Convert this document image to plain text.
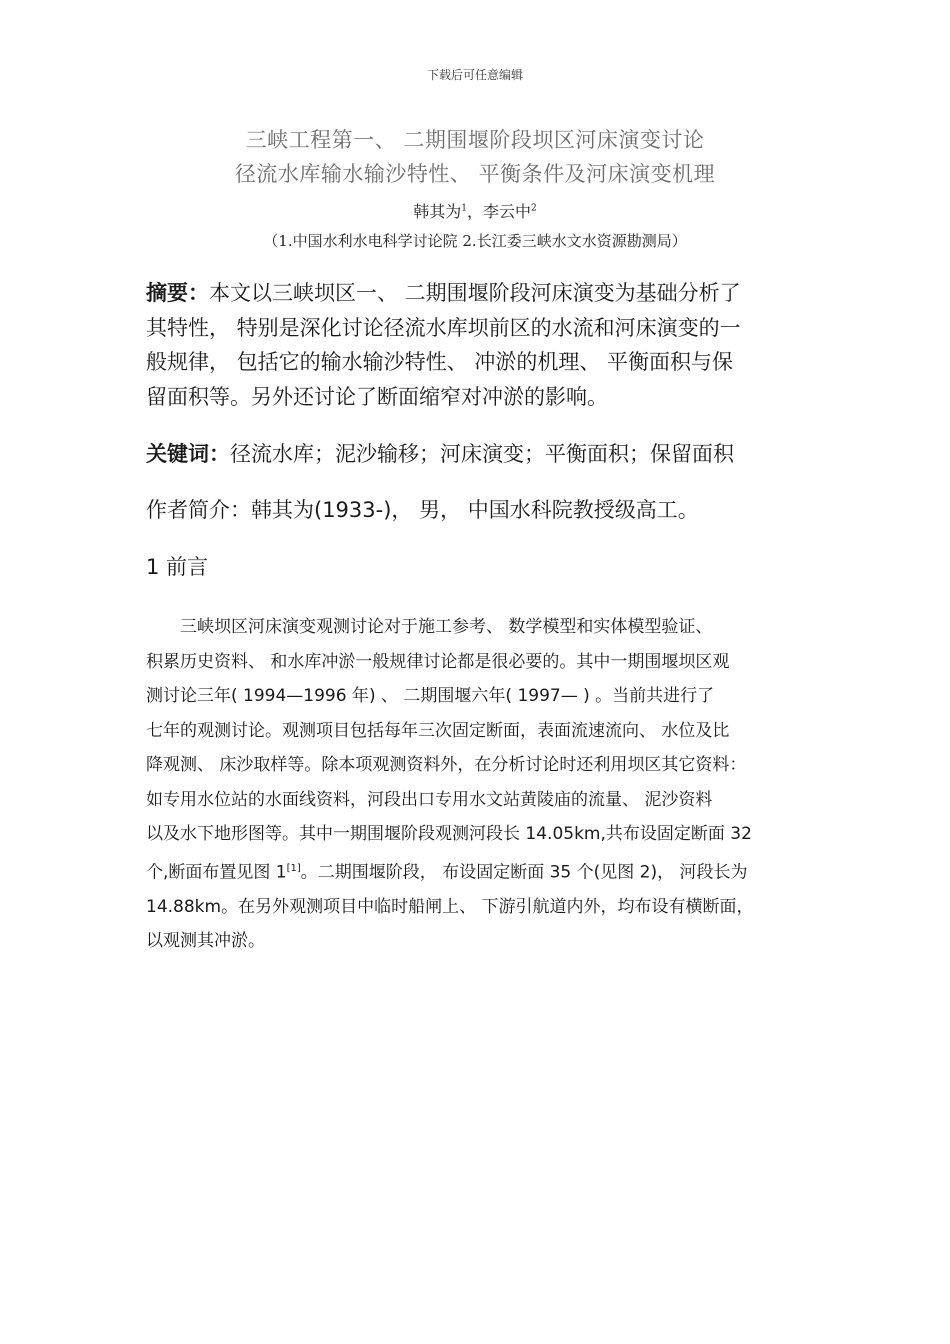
下载后可任意编辑
三峡工程第一、 二期围堰阶段坝区河床演变讨论
径流水库输水输沙特性、 平衡条件及河床演变机理
韩其为$^1$，李云中$^2$
（1.中国水利水电科学讨论院 2.长江委三峡水文水资源勘测局）
摘要：本文以三峡坝区一、 二期围堰阶段河床演变为基础分析了
其特性， 特别是深化讨论径流水库坝前区的水流和河床演变的一
般规律， 包括它的输水输沙特性、 冲淤的机理、 平衡面积与保
留面积等。另外还讨论了断面缩窄对冲淤的影响。
关键词：径流水库；泥沙输移；河床演变；平衡面积；保留面积
作者简介：韩其为(1933-)， 男， 中国水科院教授级高工。
1 前言
　　三峡坝区河床演变观测讨论对于施工参考、 数学模型和实体模型验证、
积累历史资料、 和水库冲淤一般规律讨论都是很必要的。其中一期围堰坝区观
测讨论三年( 1994—1996 年) 、 二期围堰六年( 1997— ) 。当前共进行了
七年的观测讨论。观测项目包括每年三次固定断面，表面流速流向、 水位及比
降观测、 床沙取样等。除本项观测资料外，在分析讨论时还利用坝区其它资料：
如专用水位站的水面线资料，河段出口专用水文站黄陵庙的流量、 泥沙资料
以及水下地形图等。其中一期围堰阶段观测河段长 14.05km,共布设固定断面 32
个,断面布置见图 1[1]。二期围堰阶段， 布设固定断面 35 个(见图 2)， 河段长为
14.88km。在另外观测项目中临时船闸上、 下游引航道内外，均布设有横断面，
以观测其冲淤。
